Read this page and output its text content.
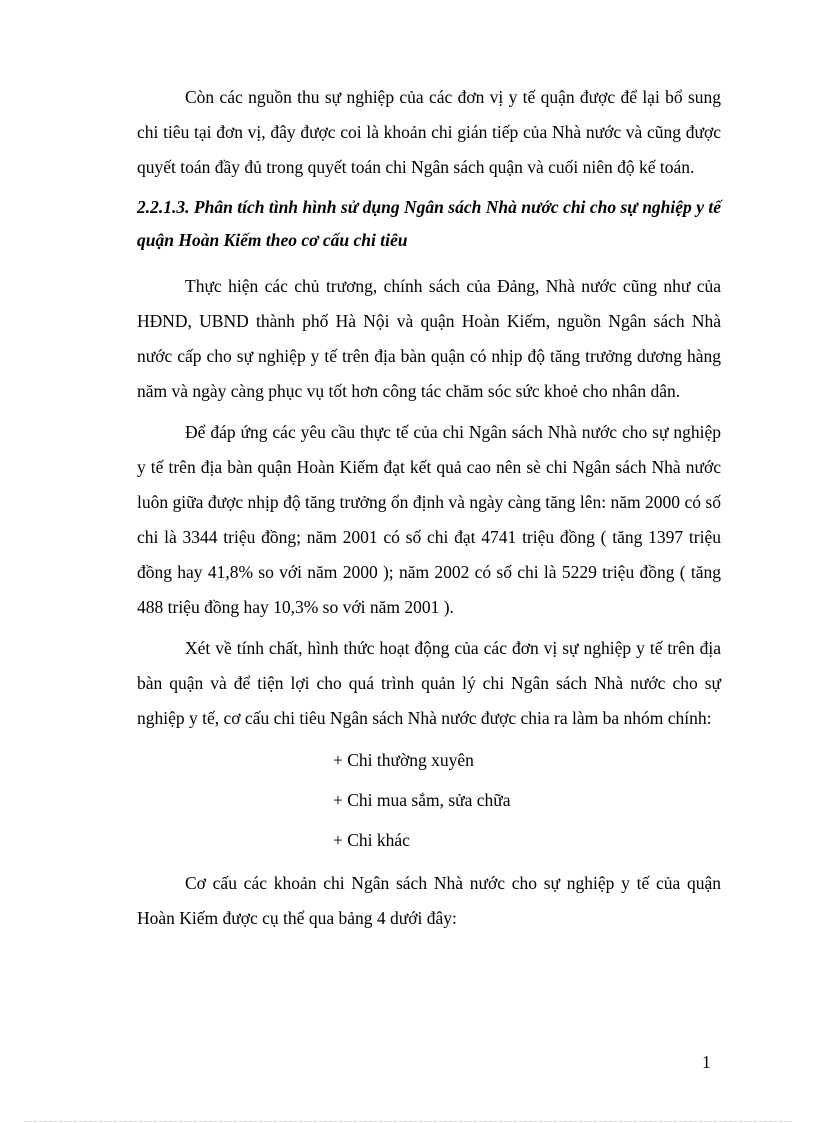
Còn các nguồn thu sự nghiệp của các đơn vị y tế quận được để lại bổ sung chi tiêu tại đơn vị, đây được coi là khoản chi gián tiếp của Nhà nước và cũng được quyết toán đầy đủ trong quyết toán chi Ngân sách quận và cuối niên độ kế toán.

2.2.1.3. Phân tích tình hình sử dụng Ngân sách Nhà nước chi cho sự nghiệp y tế quận Hoàn Kiếm theo cơ cấu chi tiêu

Thực hiện các chủ trương, chính sách của Đảng, Nhà nước cũng như của HĐND, UBND thành phố Hà Nội và quận Hoàn Kiếm, nguồn Ngân sách Nhà nước cấp cho sự nghiệp y tế trên địa bàn quận có nhịp độ tăng trưởng dương hàng năm và ngày càng phục vụ tốt hơn công tác chăm sóc sức khoẻ cho nhân dân.

Để đáp ứng các yêu cầu thực tế của chi Ngân sách Nhà nước cho sự nghiệp y tế trên địa bàn quận Hoàn Kiếm đạt kết quả cao nên sè chi Ngân sách Nhà nước luôn giữa được nhịp độ tăng trưởng ổn định và ngày càng tăng lên: năm 2000 có số chi là 3344 triệu đồng; năm 2001 có số chi đạt 4741 triệu đồng ( tăng 1397 triệu đồng hay 41,8% so với năm 2000 ); năm 2002 có số chi là 5229 triệu đồng ( tăng 488 triệu đồng hay 10,3% so với năm 2001 ).

Xét về tính chất, hình thức hoạt động của các đơn vị sự nghiệp y tế trên địa bàn quận và để tiện lợi cho quá trình quản lý chi Ngân sách Nhà nước cho sự nghiệp y tế, cơ cấu chi tiêu Ngân sách Nhà nước được chia ra làm ba nhóm chính:

+ Chi thường xuyên
+ Chi mua sắm, sửa chữa
+ Chi khác

Cơ cấu các khoản chi Ngân sách Nhà nước cho sự nghiệp y tế của quận Hoàn Kiếm được cụ thể qua bảng 4 dưới đây:

1
